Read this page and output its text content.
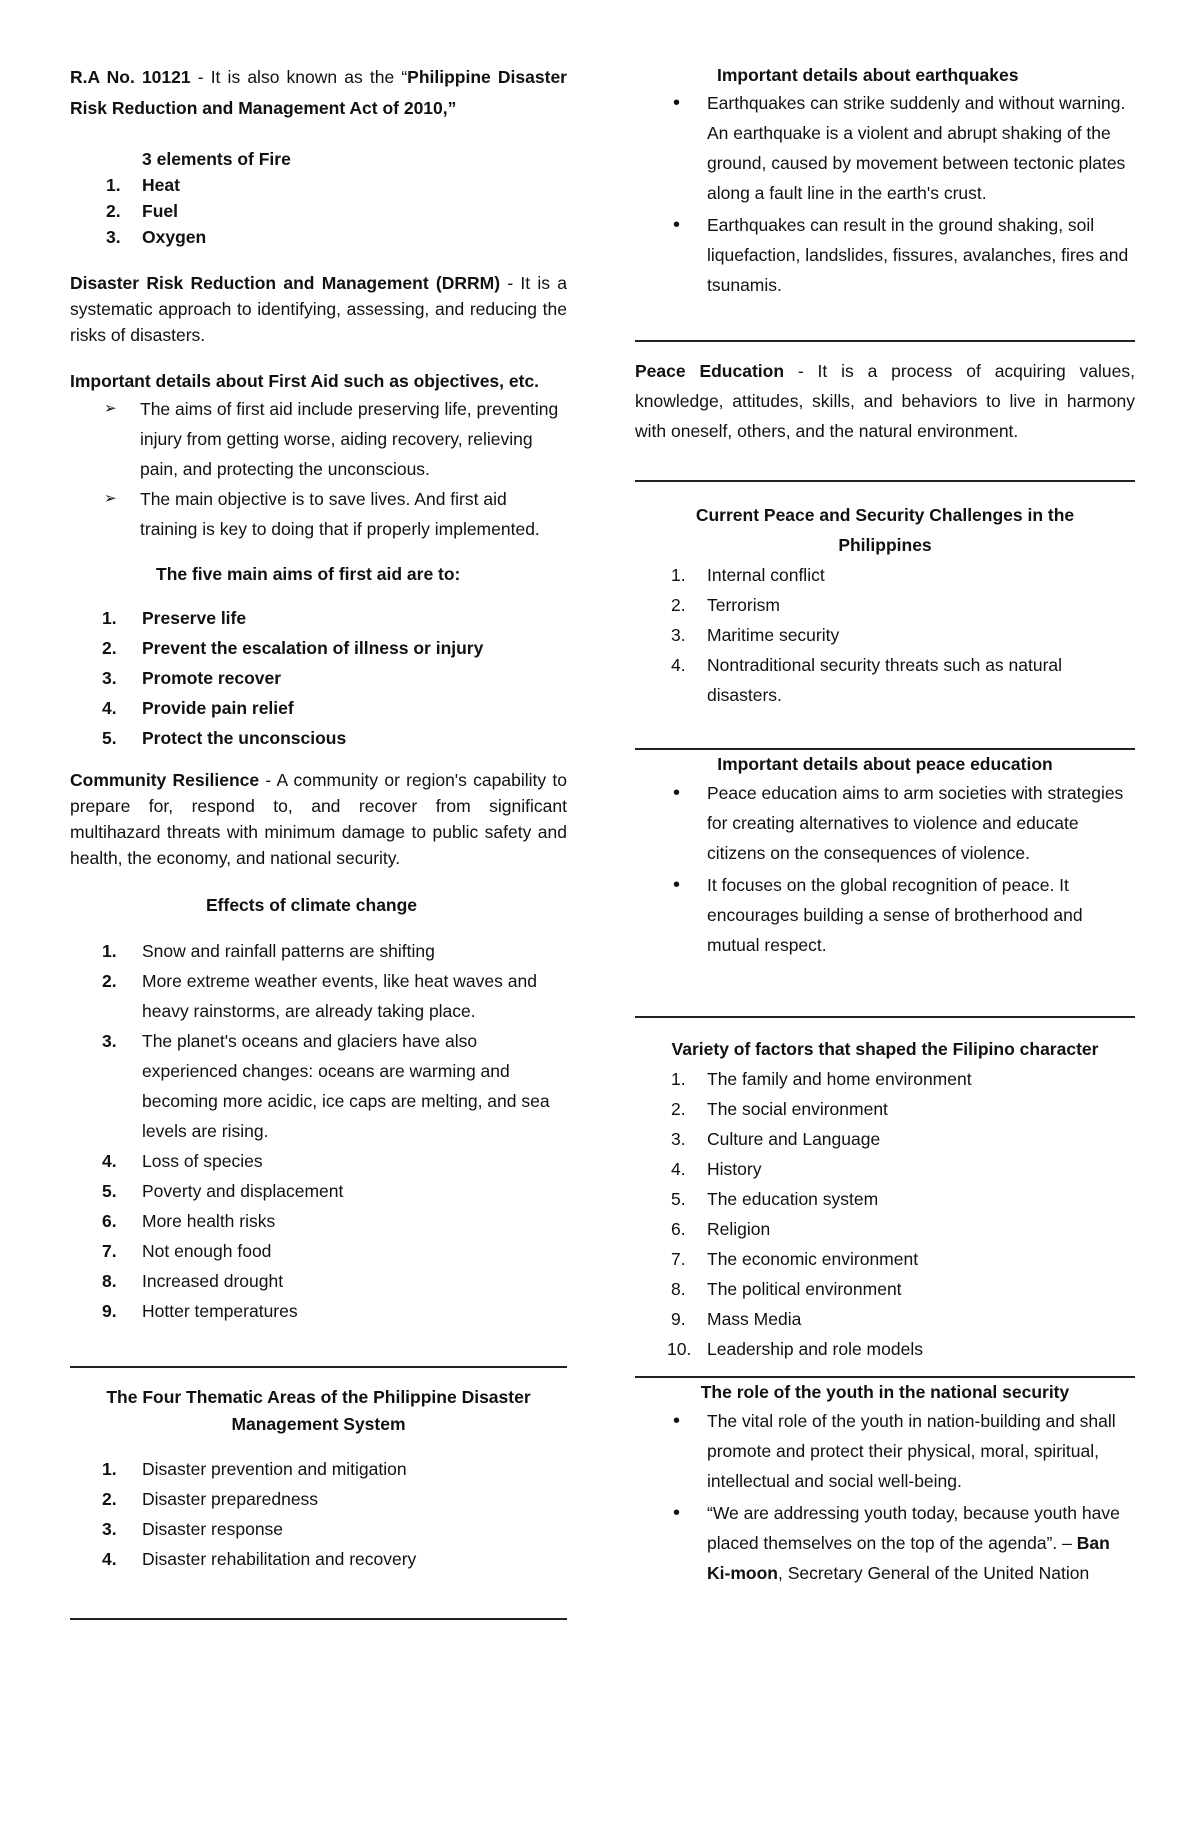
R.A No. 10121 - It is also known as the “Philippine Disaster Risk Reduction and Management Act of 2010,”

3 elements of Fire

1. Heat
2. Fuel
3. Oxygen

Disaster Risk Reduction and Management (DRRM) - It is a systematic approach to identifying, assessing, and reducing the risks of disasters.

Important details about First Aid such as objectives, etc.

➢ The aims of first aid include preserving life, preventing injury from getting worse, aiding recovery, relieving pain, and protecting the unconscious.
➢ The main objective is to save lives. And first aid training is key to doing that if properly implemented.

The five main aims of first aid are to:

1. Preserve life
2. Prevent the escalation of illness or injury
3. Promote recover
4. Provide pain relief
5. Protect the unconscious

Community Resilience - A community or region's capability to prepare for, respond to, and recover from significant multihazard threats with minimum damage to public safety and health, the economy, and national security.

Effects of climate change

1. Snow and rainfall patterns are shifting
2. More extreme weather events, like heat waves and heavy rainstorms, are already taking place.
3. The planet's oceans and glaciers have also experienced changes: oceans are warming and becoming more acidic, ice caps are melting, and sea levels are rising.
4. Loss of species
5. Poverty and displacement
6. More health risks
7. Not enough food
8. Increased drought
9. Hotter temperatures

The Four Thematic Areas of the Philippine Disaster Management System

1. Disaster prevention and mitigation
2. Disaster preparedness
3. Disaster response
4. Disaster rehabilitation and recovery

Important details about earthquakes

• Earthquakes can strike suddenly and without warning. An earthquake is a violent and abrupt shaking of the ground, caused by movement between tectonic plates along a fault line in the earth's crust.
• Earthquakes can result in the ground shaking, soil liquefaction, landslides, fissures, avalanches, fires and tsunamis.

Peace Education - It is a process of acquiring values, knowledge, attitudes, skills, and behaviors to live in harmony with oneself, others, and the natural environment.

Current Peace and Security Challenges in the Philippines

1. Internal conflict
2. Terrorism
3. Maritime security
4. Nontraditional security threats such as natural disasters.

Important details about peace education

• Peace education aims to arm societies with strategies for creating alternatives to violence and educate citizens on the consequences of violence.
• It focuses on the global recognition of peace. It encourages building a sense of brotherhood and mutual respect.

Variety of factors that shaped the Filipino character

1. The family and home environment
2. The social environment
3. Culture and Language
4. History
5. The education system
6. Religion
7. The economic environment
8. The political environment
9. Mass Media
10. Leadership and role models

The role of the youth in the national security

• The vital role of the youth in nation-building and shall promote and protect their physical, moral, spiritual, intellectual and social well-being.
• “We are addressing youth today, because youth have placed themselves on the top of the agenda”. – Ban Ki-moon, Secretary General of the United Nation
